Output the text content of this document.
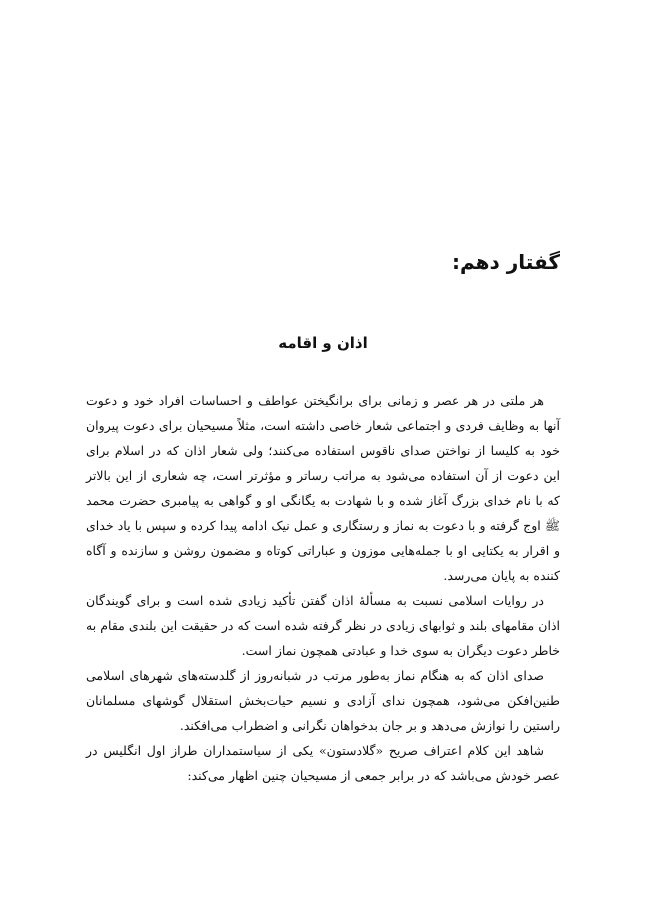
گفتار دهم:
اذان و اقامه

هر ملتی در هر عصر و زمانی برای برانگیختن عواطف و احساسات افراد خود و دعوت آنها به وظایف فردی و اجتماعی شعار خاصی داشته است، مثلاً مسیحیان برای دعوت پیروان خود به کلیسا از نواختن صدای ناقوس استفاده می‌کنند؛ ولی شعار اذان که در اسلام برای این دعوت از آن استفاده می‌شود به مراتب رساتر و مؤثرتر است، چه شعاری از این بالاتر که با نام خدای بزرگ آغاز شده و با شهادت به یگانگی او و گواهی به پیامبری حضرت محمد ﷺ اوج گرفته و با دعوت به نماز و رستگاری و عمل نیک ادامه پیدا کرده و سپس با یاد خدای و اقرار به یکتایی او با جمله‌هایی موزون و عباراتی کوتاه و مضمون روشن و سازنده و آگاه کننده به پایان می‌رسد.

در روایات اسلامی نسبت به مسألهٔ اذان گفتن تأکید زیادی شده است و برای گویندگان اذان مقامهای بلند و ثوابهای زیادی در نظر گرفته شده است که در حقیقت این بلندی مقام به خاطر دعوت دیگران به سوی خدا و عبادتی همچون نماز است.

صدای اذان که به هنگام نماز به‌طور مرتب در شبانه‌روز از گلدسته‌های شهرهای اسلامی طنین‌افکن می‌شود، همچون ندای آزادی و نسیم حیات‌بخش استقلال گوشهای مسلمانان راستین را نوازش می‌دهد و بر جان بدخواهان نگرانی و اضطراب می‌افکند.

شاهد این کلام اعتراف صریح «گلادستون» یکی از سیاستمداران طراز اول انگلیس در عصر خودش می‌باشد که در برابر جمعی از مسیحیان چنین اظهار می‌کند:
